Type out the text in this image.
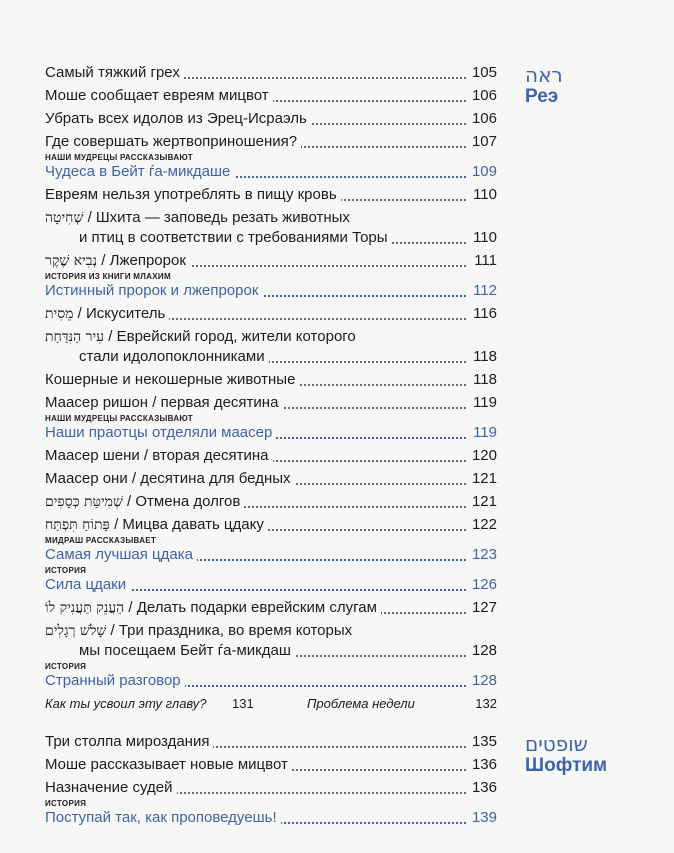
ראה
Реэ
Самый тяжкий грех	105
Моше сообщает евреям мицвот	106
Убрать всех идолов из Эрец-Исраэль	106
Где совершать жертвоприношения?	107
НАШИ МУДРЕЦЫ РАССКАЗЫВАЮТ
Чудеса в Бейт ѓа-микдаше	109
Евреям нельзя употреблять в пищу кровь	110
שְׁחִיטָה / Шхита — заповедь резать животных
и птиц в соответствии с требованиями Торы	110
נְבִיא שֶׁקֶר / Лжепророк	111
ИСТОРИЯ ИЗ КНИГИ МЛАХИМ
Истинный пророк и лжепророк	112
מֵסִית / Искуситель	116
עִיר הַנִּדַּחַת / Еврейский город, жители которого
стали идолопоклонниками	118
Кошерные и некошерные животные	118
Маасер ришон / первая десятина	119
НАШИ МУДРЕЦЫ РАССКАЗЫВАЮТ
Наши праотцы отделяли маасер	119
Маасер шени / вторая десятина	120
Маасер они / десятина для бедных	121
שְׁמִיטַּת כְּסָפִים / Отмена долгов	121
פָּתוֹחַ תִּפְתַּח / Мицва давать цдаку	122
МИДРАШ РАССКАЗЫВАЕТ
Самая лучшая цдака	123
ИСТОРИЯ
Сила цдаки	126
הַעֲנֵק תַּעֲנִיק לוֹ / Делать подарки еврейским слугам	127
שָׁלֹשׁ רְגָלִים / Три праздника, во время которых
мы посещаем Бейт ѓа-микдаш	128
ИСТОРИЯ
Странный разговор	128
Как ты усвоил эту главу? 131	Проблема недели	132
שופטים
Шофтим
Три столпа мироздания	135
Моше рассказывает новые мицвот	136
Назначение судей	136
ИСТОРИЯ
Поступай так, как проповедуешь!	139
